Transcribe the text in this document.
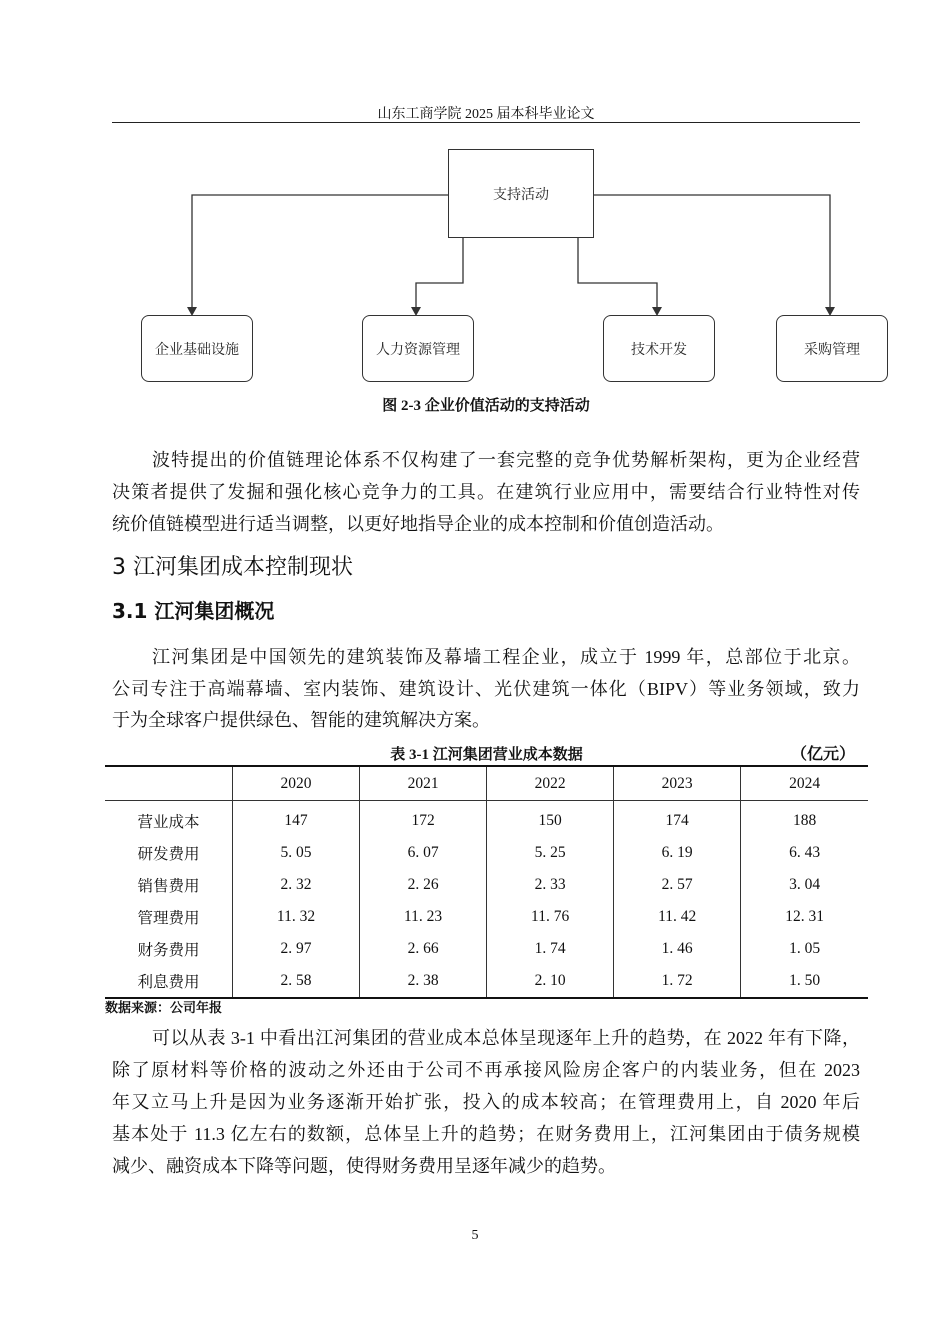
山东工商学院 2025 届本科毕业论文
支持活动
企业基础设施	人力资源管理	技术开发	采购管理
图 2-3 企业价值活动的支持活动
波特提出的价值链理论体系不仅构建了一套完整的竞争优势解析架构，更为企业经营
决策者提供了发掘和强化核心竞争力的工具。在建筑行业应用中，需要结合行业特性对传
统价值链模型进行适当调整，以更好地指导企业的成本控制和价值创造活动。
3 江河集团成本控制现状
3.1 江河集团概况
江河集团是中国领先的建筑装饰及幕墙工程企业，成立于 1999 年，总部位于北京。
公司专注于高端幕墙、室内装饰、建筑设计、光伏建筑一体化（BIPV）等业务领域，致力
于为全球客户提供绿色、智能的建筑解决方案。
表 3-1 江河集团营业成本数据	（亿元）
	2020	2021	2022	2023	2024
营业成本	147	172	150	174	188
研发费用	5. 05	6. 07	5. 25	6. 19	6. 43
销售费用	2. 32	2. 26	2. 33	2. 57	3. 04
管理费用	11. 32	11. 23	11. 76	11. 42	12. 31
财务费用	2. 97	2. 66	1. 74	1. 46	1. 05
利息费用	2. 58	2. 38	2. 10	1. 72	1. 50
数据来源：公司年报
可以从表 3-1 中看出江河集团的营业成本总体呈现逐年上升的趋势，在 2022 年有下降，
除了原材料等价格的波动之外还由于公司不再承接风险房企客户的内装业务，但在 2023
年又立马上升是因为业务逐渐开始扩张，投入的成本较高；在管理费用上，自 2020 年后
基本处于 11.3 亿左右的数额，总体呈上升的趋势；在财务费用上，江河集团由于债务规模
减少、融资成本下降等问题，使得财务费用呈逐年减少的趋势。
5
